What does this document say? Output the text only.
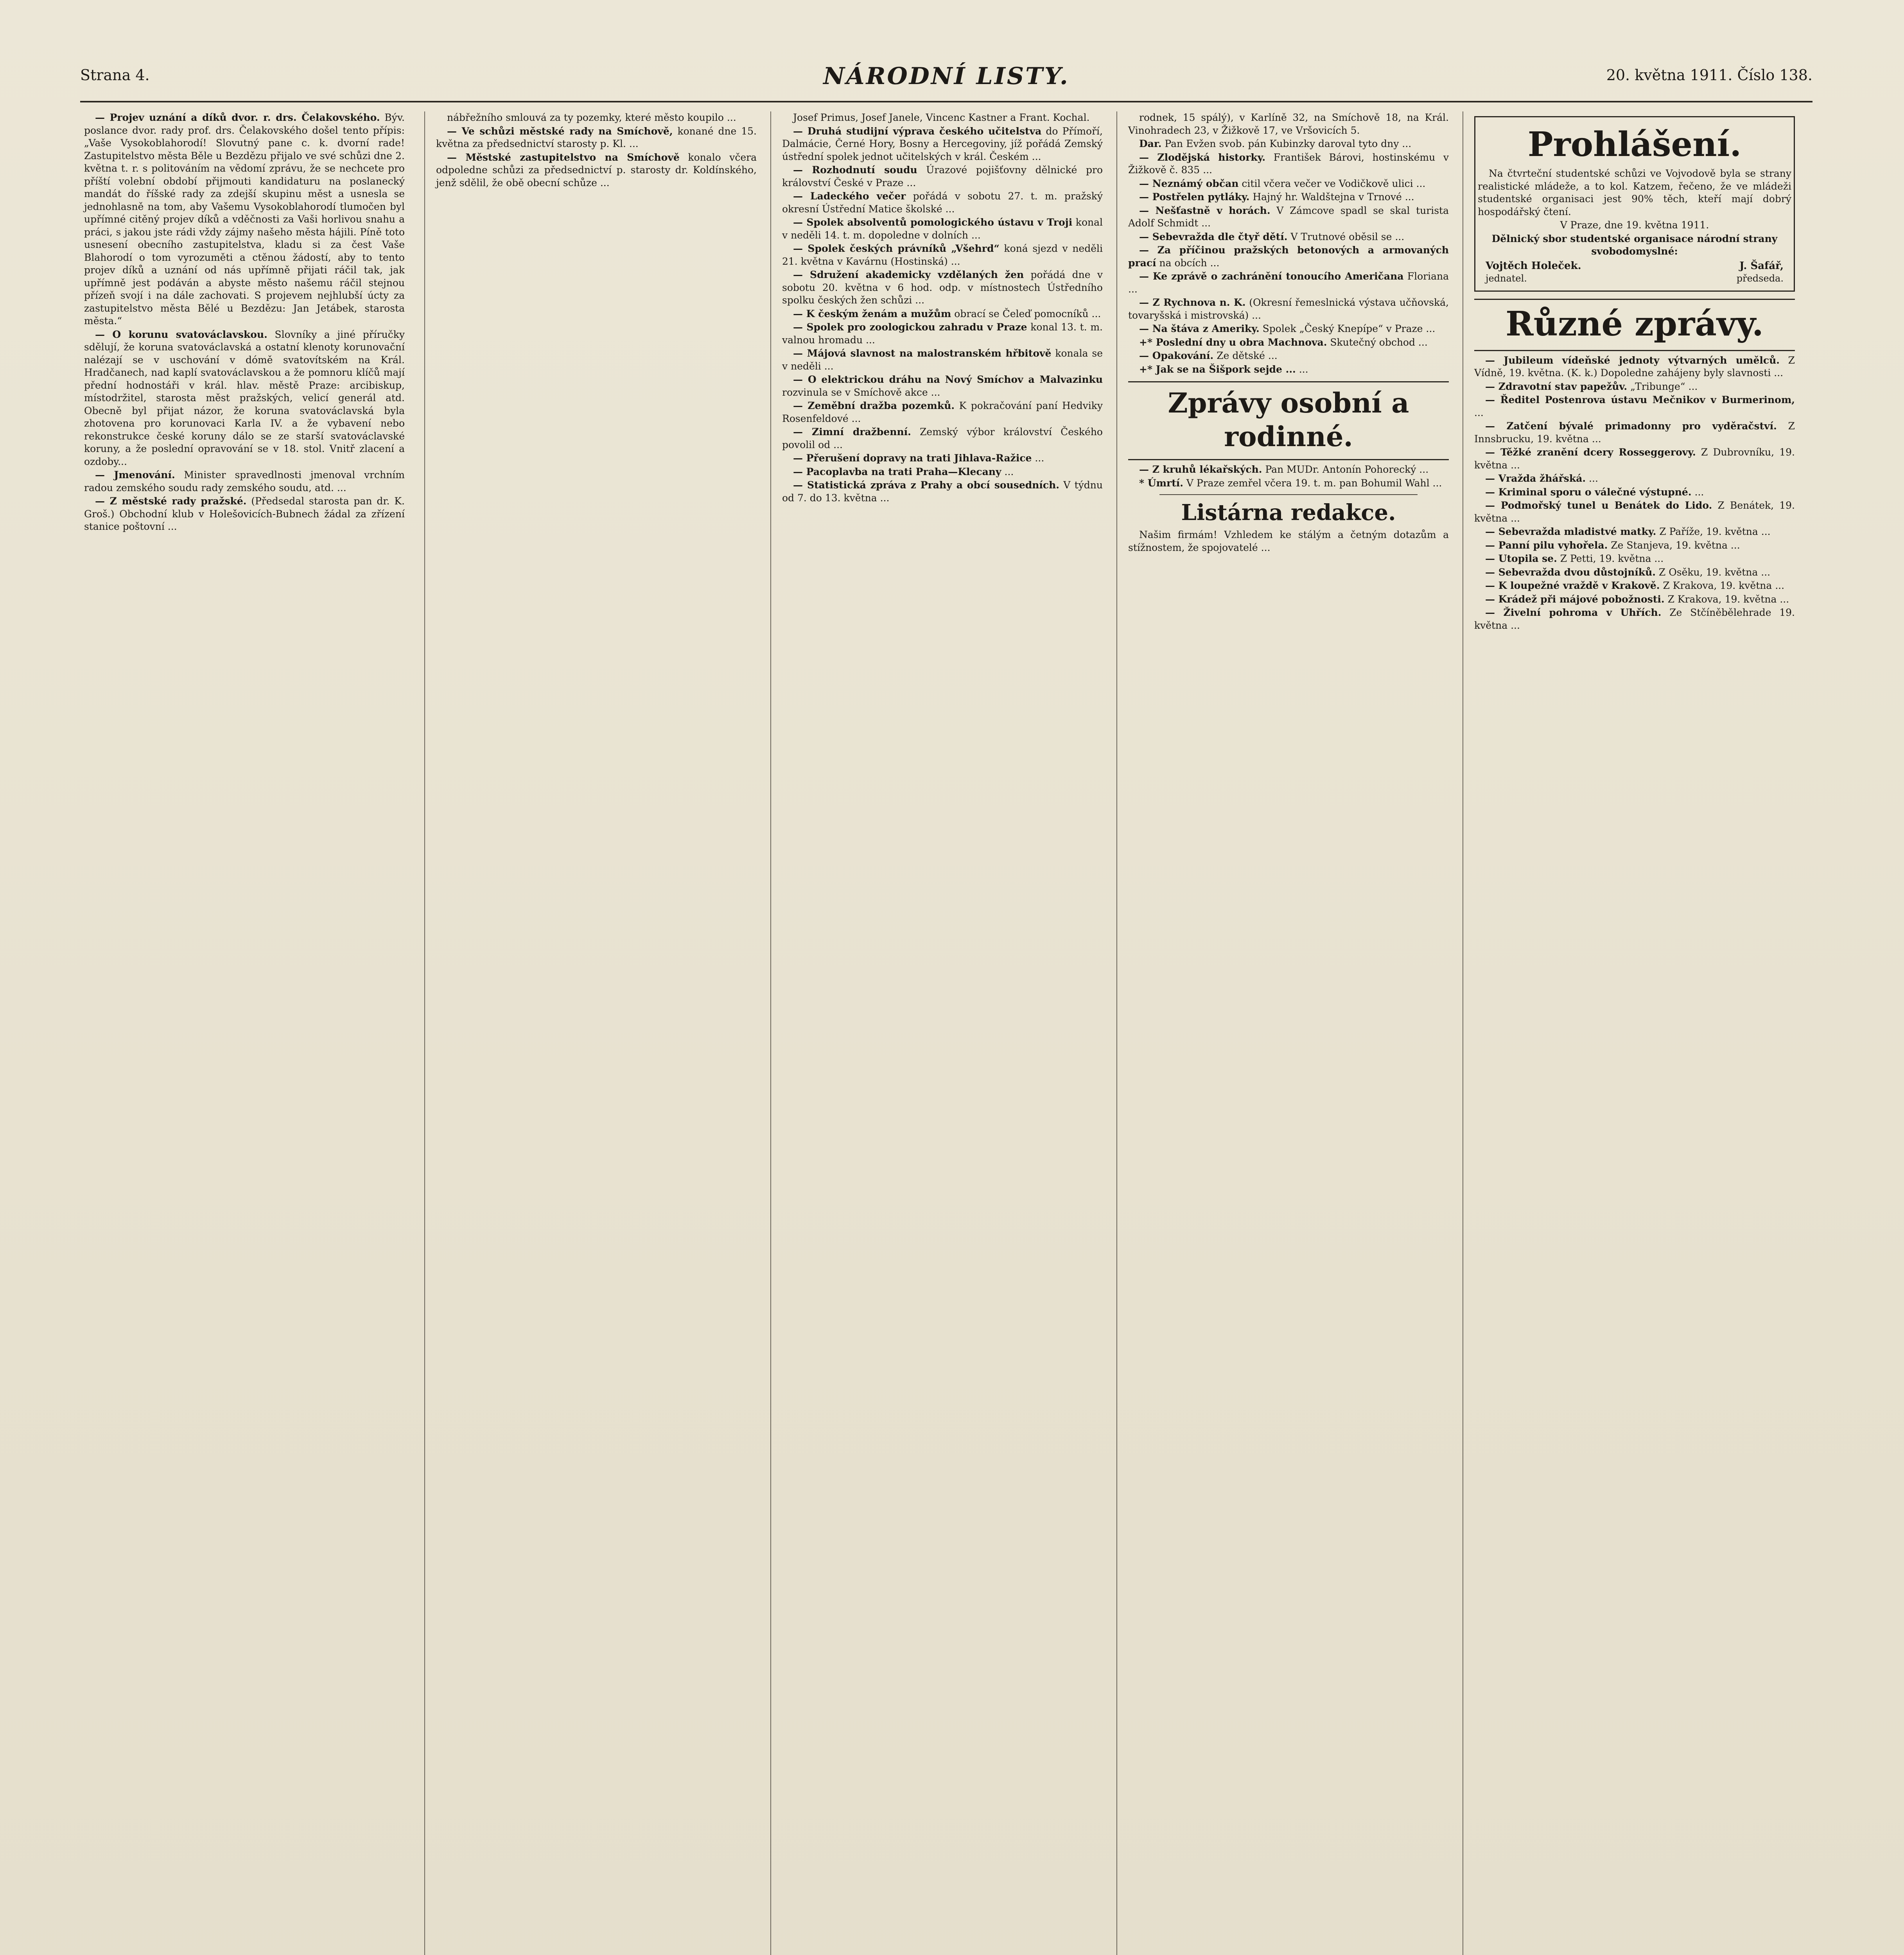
Strana 4.	NÁRODNÍ LISTY.	20. května 1911. Číslo 138.

— Projev uznání a díků dvor. r. drs. Čelakovského. Býv. poslance dvor. rady prof. drs. Čelakovského došel tento přípis: „Vaše Vysokoblahorodí! Slovutný pane c. k. dvorní rade! Zastupitelstvo města Běle u Bezdězu přijalo ve své schůzi dne 2. května t. r. s politováním na vědomí zprávu, že se nechcete pro příští volební období přijmouti kandidaturu na poslanecký mandát do říšské rady za zdejší skupinu měst a usnesla se jednohlasně na tom, aby Vašemu Vysokoblahorodí tlumočen byl upřímné citěný projev díků a vděčnosti za Vaši horlivou snahu a práci, s jakou jste rádi vždy zájmy našeho města hájili. Píně toto usnesení obecního zastupitelstva, kladu si za čest Vaše Blahorodí o tom vyrozuměti a ctěnou žádostí, aby to tento projev díků a uznání od nás upřímně přijati ráčil tak, jak upřímně jest podáván a abyste město našemu ráčil stejnou přízeň svojí i na dále zachovati. S projevem nejhlubší úcty za zastupitelstvo města Bělé u Bezdězu: Jan Jetábek, starosta města.“

— O korunu svatováclavskou. Slovníky a jiné příručky sdělují, že koruna svatováclavská a ostatní klenoty korunovační nalézají se v uschování v dómě svatovítském na Král. Hradčanech, nad kaplí svatováclavskou a že pomnoru klíčů mají přední hodnostáři v král. hlav. městě Praze: arcibiskup, místodržitel, starosta měst pražských, velicí generál atd. Obecně byl přijat názor, že koruna svatováclavská byla zhotovena pro korunovaci Karla IV. a že vybavení nebo rekonstrukce české koruny dálo se ze starší svatováclavské koruny, a že poslední opravování se v 18. stol. Vnitř zlacení a ozdoby...

— Jmenování. Minister spravedlnosti jmenoval vrchním radou zemského soudu rady zemského soudu, atd. ...

— Z městské rady pražské. (Předsedal starosta pan dr. K. Groš.) Obchodní klub v Holešovicích-Bubnech žádal za zřízení stanice poštovní ...

nábřežního smlouvá za ty pozemky, které město koupilo ...

— Ve schůzi městské rady na Smíchově, konané dne 15. května za předsednictví starosty p. Kl. ...

— Městské zastupitelstvo na Smíchově konalo včera odpoledne schůzi za předsednictví p. starosty dr. Koldínského, jenž sdělil, že obě obecní schůze ...

Josef Primus, Josef Janele, Vincenc Kastner a Frant. Kochal.

— Druhá studijní výprava českého učitelstva do Přímoří, Dalmácie, Černé Hory, Bosny a Hercegoviny, jíž pořádá Zemský ústřední spolek jednot učitelských v král. Českém ...

— Rozhodnutí soudu Úrazové pojišťovny dělnické pro království České v Praze ...

— Ladeckého večer pořádá v sobotu 27. t. m. pražský okresní Ústřední Matice školské ...

— Spolek absolventů pomologického ústavu v Troji konal v neděli 14. t. m. dopoledne v dolních ...

— Spolek českých právníků „Všehrd“ koná sjezd v neděli 21. května v Kavárnu (Hostinská) ...

— Sdružení akademicky vzdělaných žen pořádá dne v sobotu 20. května v 6 hod. odp. v místnostech Ústředního spolku českých žen schůzi ...

— K českým ženám a mužům obrací se Čeleď pomocníků ...

— Spolek pro zoologickou zahradu v Praze konal 13. t. m. valnou hromadu ...

— Májová slavnost na malostranském hřbitově konala se v neděli ...

— O elektrickou dráhu na Nový Smíchov a Malvazinku rozvinula se v Smíchově akce ...

— Zeměbní dražba pozemků. K pokračování paní Hedviky Rosenfeldové ...

— Zimní dražbenní. Zemský výbor království Českého povolil od ...

— Přerušení dopravy na trati Jihlava-Ražice ...

— Pacoplavba na trati Praha—Klecany ...

— Statistická zpráva z Prahy a obcí sousedních. V týdnu od 7. do 13. května ...

rodnek, 15 spálý), v Karlíně 32, na Smíchově 18, na Král. Vinohradech 23, v Žižkově 17, ve Vršovicích 5.

Dar. Pan Evžen svob. pán Kubinzky daroval tyto dny ...

— Zlodějská historky. František Bárovi, hostinskému v Žižkově č. 835 ...

— Neznámý občan citil včera večer ve Vodičkově ulici ...

— Postřelen pytláky. Hajný hr. Waldštejna v Trnové ...

— Nešťastně v horách. V Zámcove spadl se skal turista Adolf Schmidt ...

— Sebevražda dle čtyř dětí. V Trutnové oběsil se ...

— Za příčinou pražských betonových a armovaných prací na obcích ...

— Ke zprávě o zachránění tonoucího Američana Floriana ...

— Z Rychnova n. K. (Okresní řemeslnická výstava učňovská, tovaryšská i mistrovská) ...

— Na štáva z Ameriky. Spolek „Český Knepípe“ v Praze ...

+* Poslední dny u obra Machnova. Skutečný obchod ...

— Opakování. Ze dětské ...

+* Jak se na Šišpork sejde ... ...

Zprávy osobní a rodinné.

— Z kruhů lékařských. Pan MUDr. Antonín Pohorecký ...

* Úmrtí. V Praze zemřel včera 19. t. m. pan Bohumil Wahl ...

Listárna redakce.

Našim firmám! Vzhledem ke stálým a četným dotazům a stížnostem, že spojovatelé ...

Prohlášení.

Na čtvrteční studentské schůzi ve Vojvodově byla se strany realistické mládeže, a to kol. Katzem, řečeno, že ve mládeži studentské organisaci jest 90% těch, kteří mají dobrý hospodářský čtení.

V Praze, dne 19. května 1911.

Dělnický sbor studentské organisace národní strany svobodomyslné:

Vojtěch Holeček.	J. Šafář,
jednatel.	předseda.
Různé zprávy.

— Jubileum vídeňské jednoty výtvarných umělců. Z Vídně, 19. května. (K. k.) Dopoledne zahájeny byly slavnosti ...

— Zdravotní stav papežův. „Tribunge“ ...

— Ředitel Postenrova ústavu Mečnikov v Burmerinom, ...

— Zatčení bývalé primadonny pro vyděračství. Z Innsbrucku, 19. května ...

— Těžké zranění dcery Rosseggerovy. Z Dubrovníku, 19. května ...

— Vražda žhářská. ...

— Kriminal sporu o válečné výstupné. ...

— Podmořský tunel u Benátek do Lido. Z Benátek, 19. května ...

— Sebevražda mladistvé matky. Z Paříže, 19. května ...

— Panní pilu vyhořela. Ze Stanjeva, 19. května ...

— Utopila se. Z Petti, 19. května ...

— Sebevražda dvou důstojníků. Z Osěku, 19. května ...

— K loupežné vraždě v Krakově. Z Krakova, 19. května ...

— Krádež při májové pobožnosti. Z Krakova, 19. května ...

— Živelní pohroma v Uhřích. Ze Stčíněbělehrade 19. května ...
